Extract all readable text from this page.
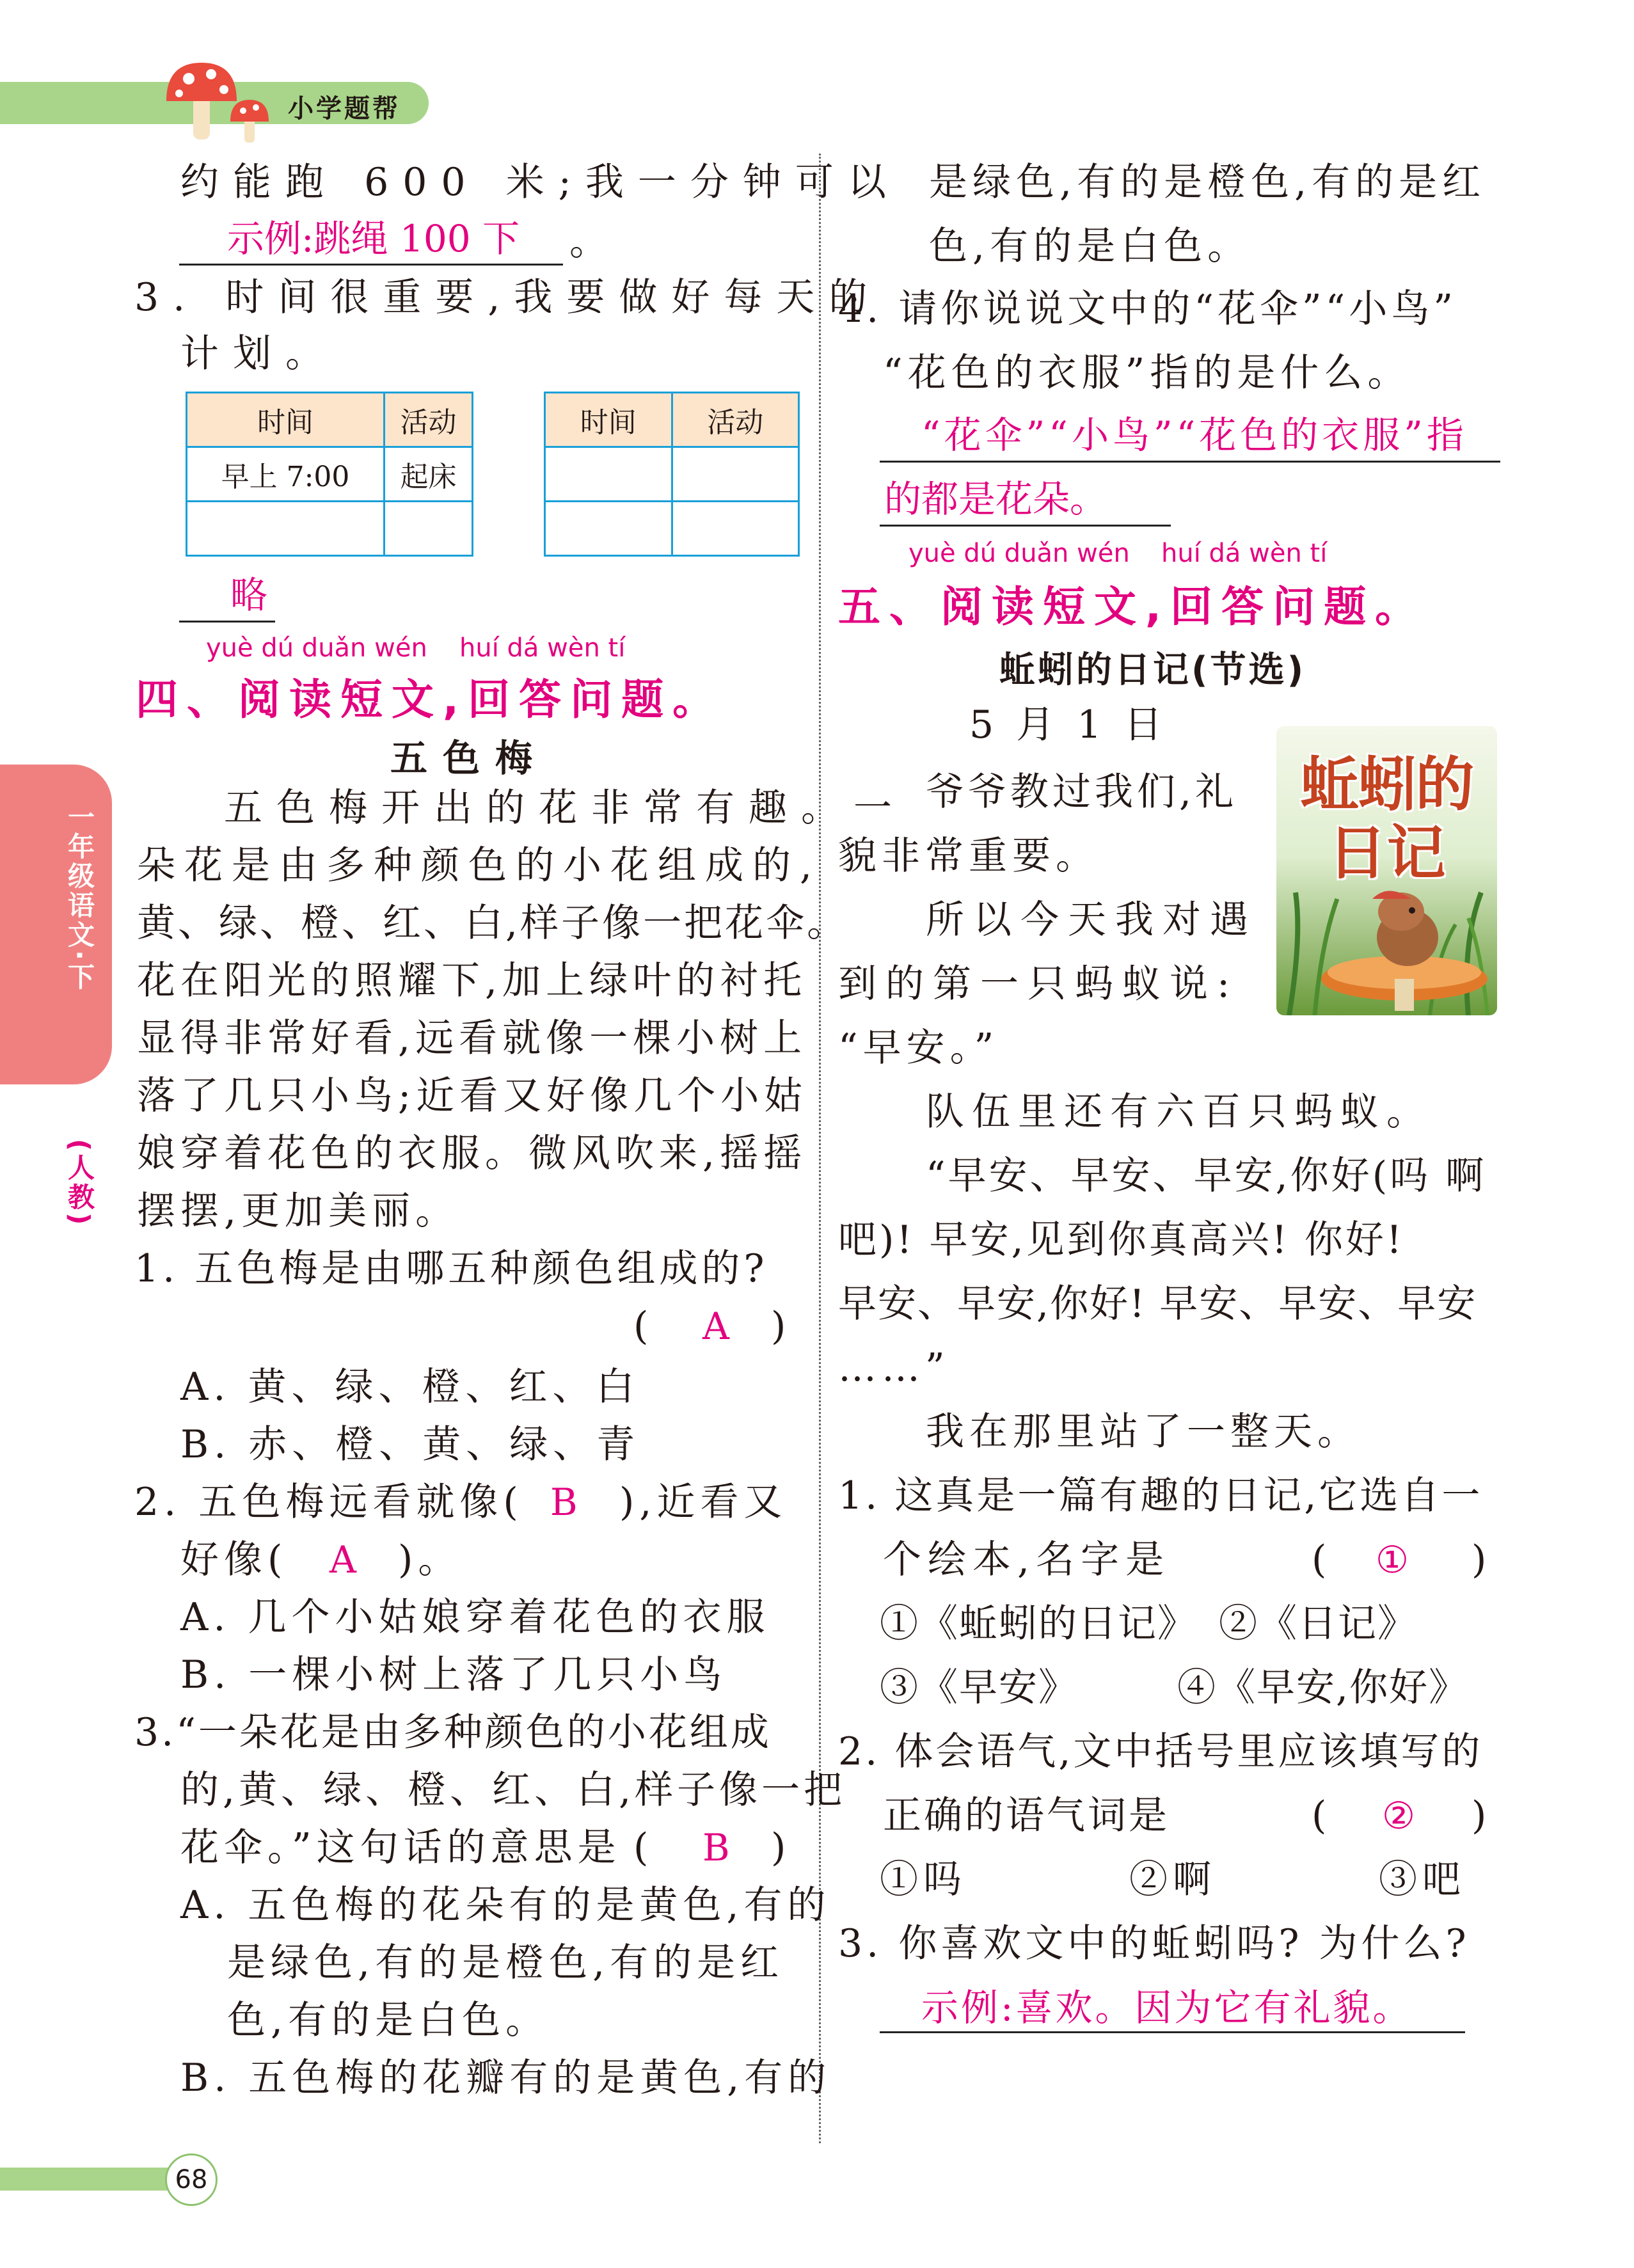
小学题帮
一年级语文·下
(人教)
68
约能跑 600 米;我一分钟可以
示例:跳绳 100 下 。
3. 时间很重要,我要做好每天的
计划。
时间	活动
早上 7:00	起床

时间	活动

略
yuè dú duǎn wén huí dá wèn tí
四、阅读短文,回答问题。
五色梅
五色梅开出的花非常有趣。一
朵花是由多种颜色的小花组成的,
黄、绿、橙、红、白,样子像一把花伞。
花在阳光的照耀下,加上绿叶的衬托
显得非常好看,远看就像一棵小树上
落了几只小鸟;近看又好像几个小姑
娘穿着花色的衣服。微风吹来,摇摇
摆摆,更加美丽。
1. 五色梅是由哪五种颜色组成的?
( A )
A. 黄、绿、橙、红、白
B. 赤、橙、黄、绿、青
2. 五色梅远看就像( B ),近看又
好像( A )。
A. 几个小姑娘穿着花色的衣服
B. 一棵小树上落了几只小鸟
3.“一朵花是由多种颜色的小花组成
的,黄、绿、橙、红、白,样子像一把
花伞。”这句话的意思是 ( B )
A. 五色梅的花朵有的是黄色,有的
是绿色,有的是橙色,有的是红
色,有的是白色。
B. 五色梅的花瓣有的是黄色,有的
是绿色,有的是橙色,有的是红
色,有的是白色。
4. 请你说说文中的“花伞”“小鸟”
“花色的衣服”指的是什么。
“花伞”“小鸟”“花色的衣服”指
的都是花朵。
yuè dú duǎn wén huí dá wèn tí
五、阅读短文,回答问题。
蚯蚓的日记(节选)
5 月 1 日
爷爷教过我们,礼
貌非常重要。
所以今天我对遇
到的第一只蚂蚁说:
“早安。”
队伍里还有六百只蚂蚁。
“早安、早安、早安,你好(吗 啊
吧)! 早安,见到你真高兴! 你好!
早安、早安,你好! 早安、早安、早安
……”
我在那里站了一整天。
蚯蚓的
日记
1. 这真是一篇有趣的日记,它选自一
个绘本,名字是	( ① )
①《蚯蚓的日记》 ②《日记》
③《早安》	④《早安,你好》
2. 体会语气,文中括号里应该填写的
正确的语气词是	( ② )
①吗	②啊	③吧
3. 你喜欢文中的蚯蚓吗? 为什么?
示例:喜欢。因为它有礼貌。
